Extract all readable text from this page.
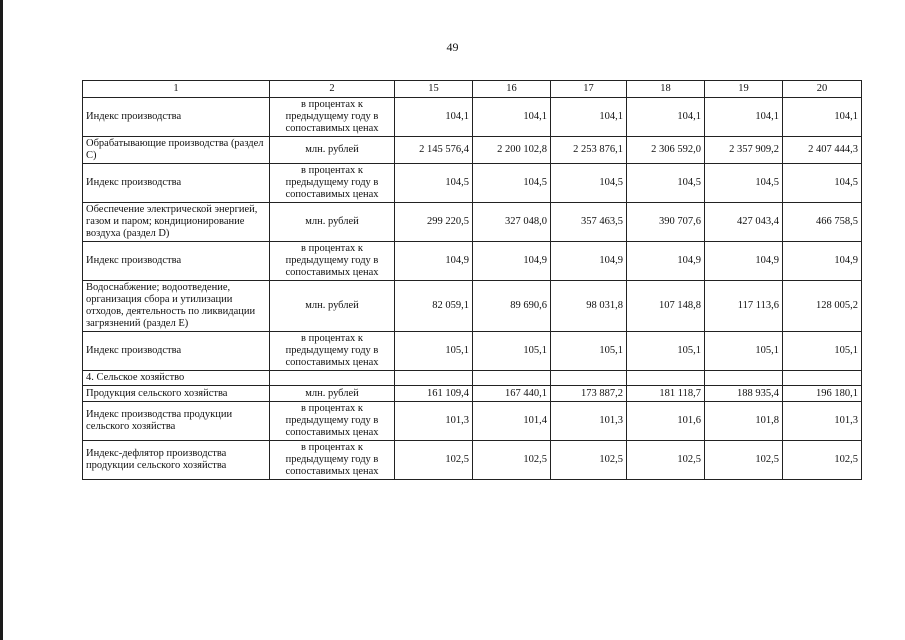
49
1	2	15	16	17	18	19	20
Индекс производства	в процентах к предыдущему году в сопоставимых ценах	104,1	104,1	104,1	104,1	104,1	104,1
Обрабатывающие производства (раздел C)	млн. рублей	2 145 576,4	2 200 102,8	2 253 876,1	2 306 592,0	2 357 909,2	2 407 444,3
Индекс производства	в процентах к предыдущему году в сопоставимых ценах	104,5	104,5	104,5	104,5	104,5	104,5
Обеспечение электрической энергией, газом и паром; кондиционирование воздуха (раздел D)	млн. рублей	299 220,5	327 048,0	357 463,5	390 707,6	427 043,4	466 758,5
Индекс производства	в процентах к предыдущему году в сопоставимых ценах	104,9	104,9	104,9	104,9	104,9	104,9
Водоснабжение; водоотведение, организация сбора и утилизации отходов, деятельность по ликвидации загрязнений (раздел E)	млн. рублей	82 059,1	89 690,6	98 031,8	107 148,8	117 113,6	128 005,2
Индекс производства	в процентах к предыдущему году в сопоставимых ценах	105,1	105,1	105,1	105,1	105,1	105,1
4. Сельское хозяйство							
Продукция сельского хозяйства	млн. рублей	161 109,4	167 440,1	173 887,2	181 118,7	188 935,4	196 180,1
Индекс производства продукции сельского хозяйства	в процентах к предыдущему году в сопоставимых ценах	101,3	101,4	101,3	101,6	101,8	101,3
Индекс-дефлятор производства продукции сельского хозяйства	в процентах к предыдущему году в сопоставимых ценах	102,5	102,5	102,5	102,5	102,5	102,5
